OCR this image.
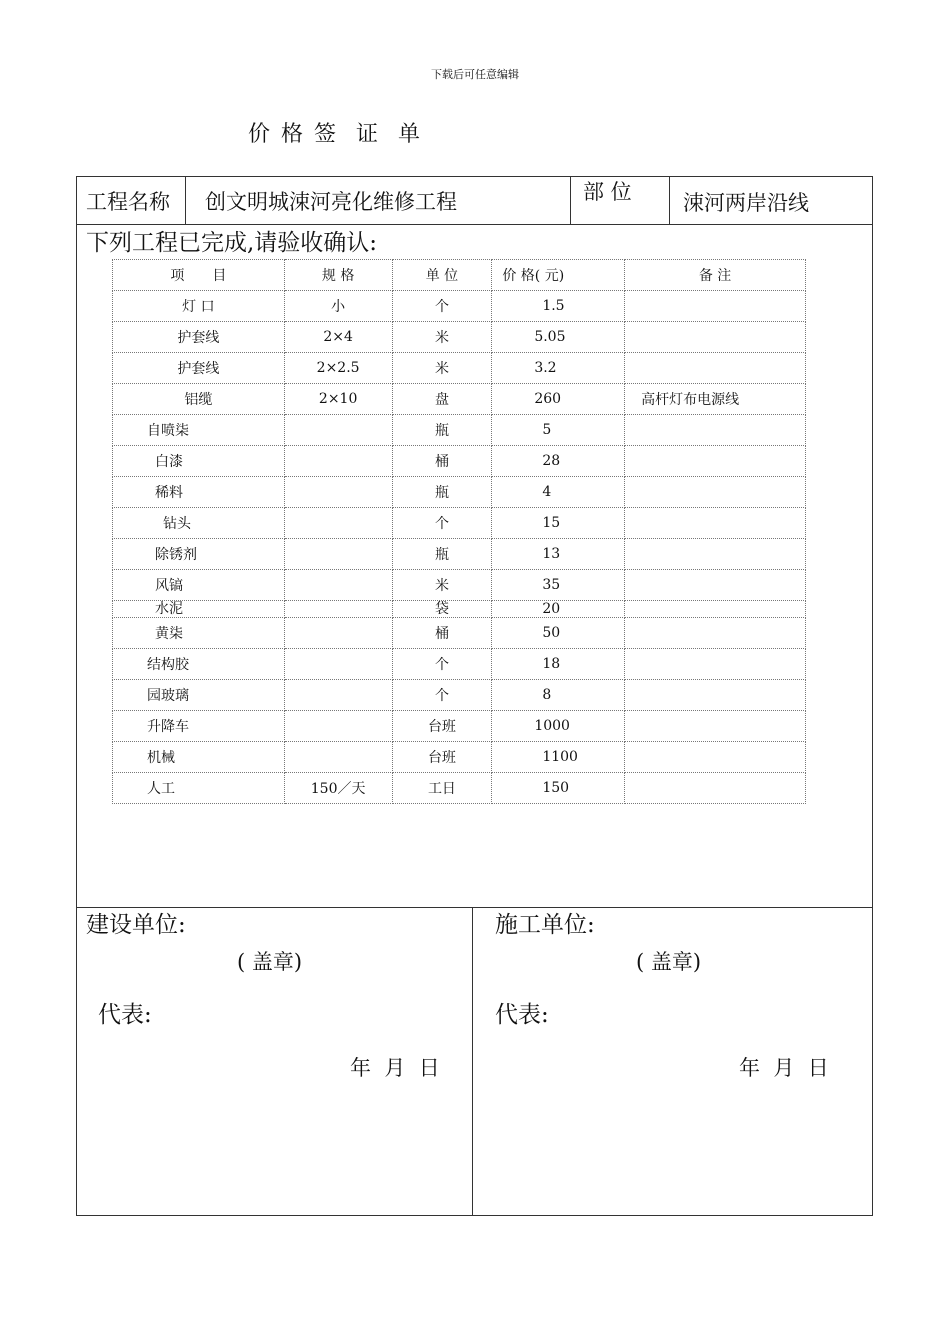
下载后可任意编辑
价 格 签  证  单
工程名称 创文明城涑河亮化维修工程	部 位 涑河两岸沿线
下列工程已完成,请验收确认:
项　　目	规 格	单 位	价 格( 元)	备 注
灯 口	小	个	1.5	
护套线	2×4	米	5.05	
护套线	2×2.5	米	3.2	
铝缆	2×10	盘	260	高杆灯布电源线
自喷柒		瓶	5	
白漆		桶	28	
稀料		瓶	4	
钻头		个	15	
除锈剂		瓶	13	
风镐		米	35	
水泥		袋	20	
黄柒		桶	50	
结构胶		个	18	
园玻璃		个	8	
升降车		台班	1000	
机械		台班	1100	
人工	150／天	工日	150	
建设单位:
( 盖章)
代表:
年  月  日
施工单位:
( 盖章)
代表:
年  月  日
